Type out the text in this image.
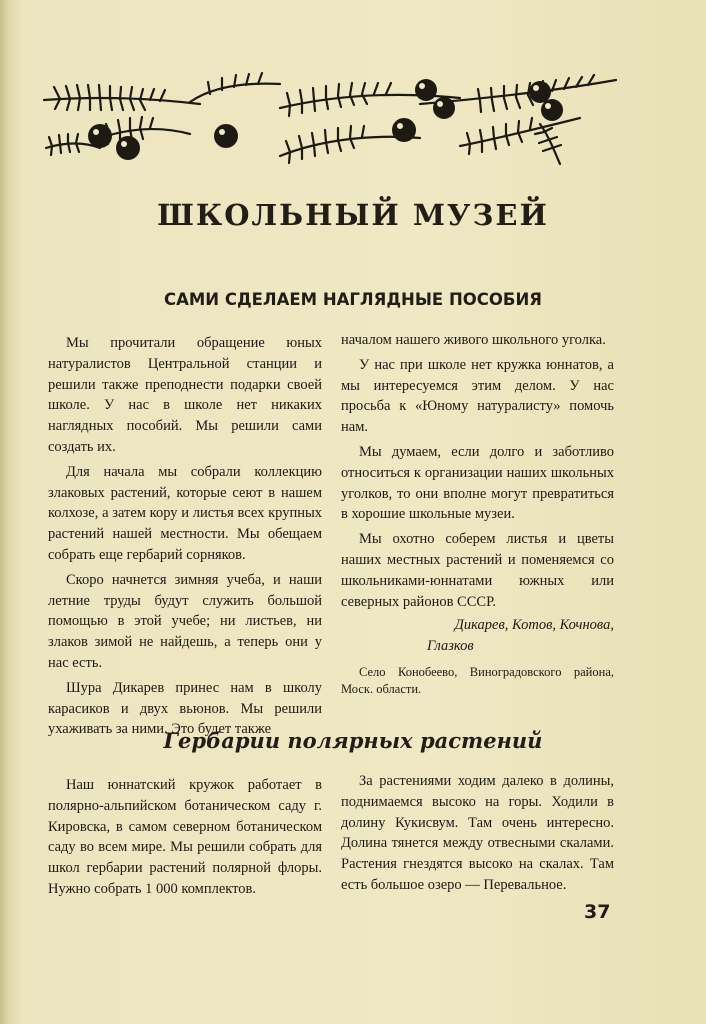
ШКОЛЬНЫЙ МУЗЕЙ
САМИ СДЕЛАЕМ НАГЛЯДНЫЕ ПОСОБИЯ

Мы прочитали обращение юных натуралистов Центральной станции и решили также преподнести подарки своей школе. У нас в школе нет никаких наглядных пособий. Мы решили сами создать их.

Для начала мы собрали коллекцию злаковых растений, которые сеют в нашем колхозе, а затем кору и листья всех крупных растений нашей местности. Мы обещаем собрать еще гербарий сорняков.

Скоро начнется зимняя учеба, и наши летние труды будут служить большой помощью в этой учебе; ни листьев, ни злаков зимой не найдешь, а теперь они у нас есть.

Шура Дикарев принес нам в школу карасиков и двух вьюнов. Мы решили ухаживать за ними. Это будет также

началом нашего живого школьного уголка.

У нас при школе нет кружка юннатов, а мы интересуемся этим делом. У нас просьба к «Юному натуралисту» помочь нам.

Мы думаем, если долго и заботливо относиться к организации наших школьных уголков, то они вполне могут превратиться в хорошие школьные музеи.

Мы охотно соберем листья и цветы наших местных растений и поменяемся со школьниками-юннатами южных или северных районов СССР.

Дикарев, Котов, Кочнова,
Глазков
Село Конобеево, Виноградовского района, Моск. области.
Гербарии полярных растений

Наш юннатский кружок работает в полярно-альпийском ботаническом саду г. Кировска, в самом северном ботаническом саду во всем мире. Мы решили собрать для школ гербарии растений полярной флоры. Нужно собрать 1 000 комплектов.

За растениями ходим далеко в долины, поднимаемся высоко на горы. Ходили в долину Кукисвум. Там очень интересно. Долина тянется между отвесными скалами. Растения гнездятся высоко на скалах. Там есть большое озеро — Перевальное.

37
